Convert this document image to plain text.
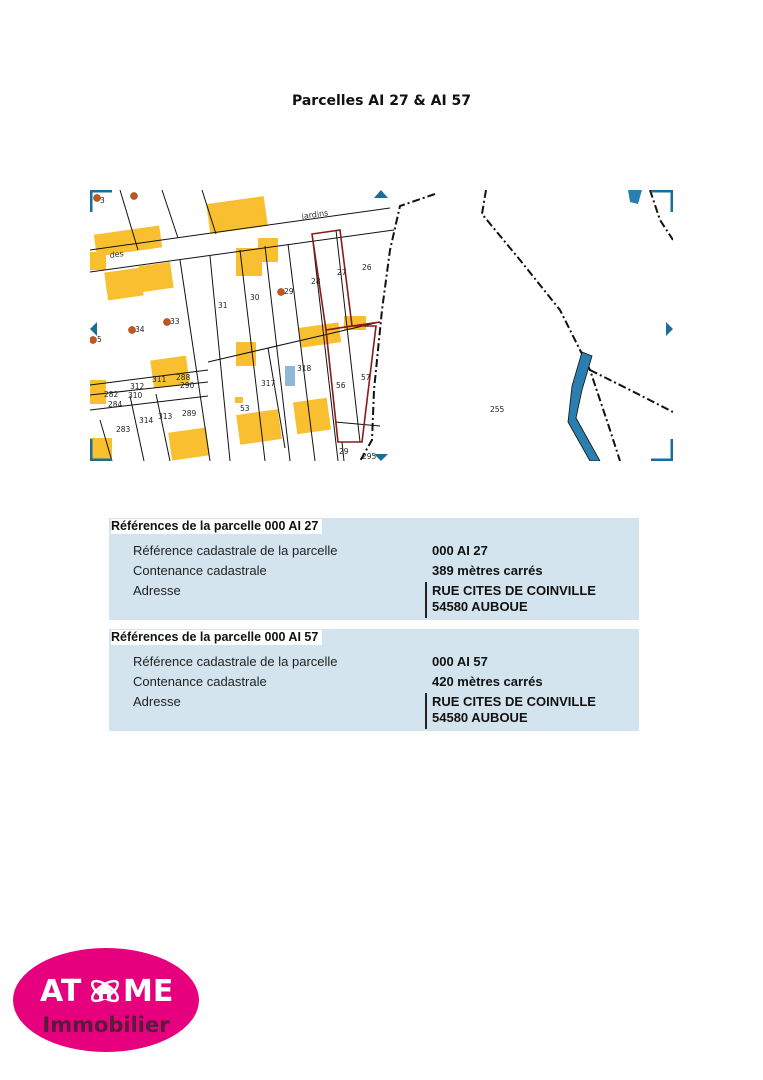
Parcelles AI 27 & AI 57
3
26
27
28
29
30
31
33
34
5
56
57
53
317
318
255
282
284
312
310
311 288
290
283
314 313 289
295
29
jardins
des
Références de la parcelle 000 AI 27
Référence cadastrale de la parcelle	000 AI 27
Contenance cadastrale	389 mètres carrés
Adresse	RUE CITES DE COINVILLE
54580 AUBOUE
Références de la parcelle 000 AI 57
Référence cadastrale de la parcelle	000 AI 57
Contenance cadastrale	420 mètres carrés
Adresse	RUE CITES DE COINVILLE
54580 AUBOUE
AT ME
Immobilier
